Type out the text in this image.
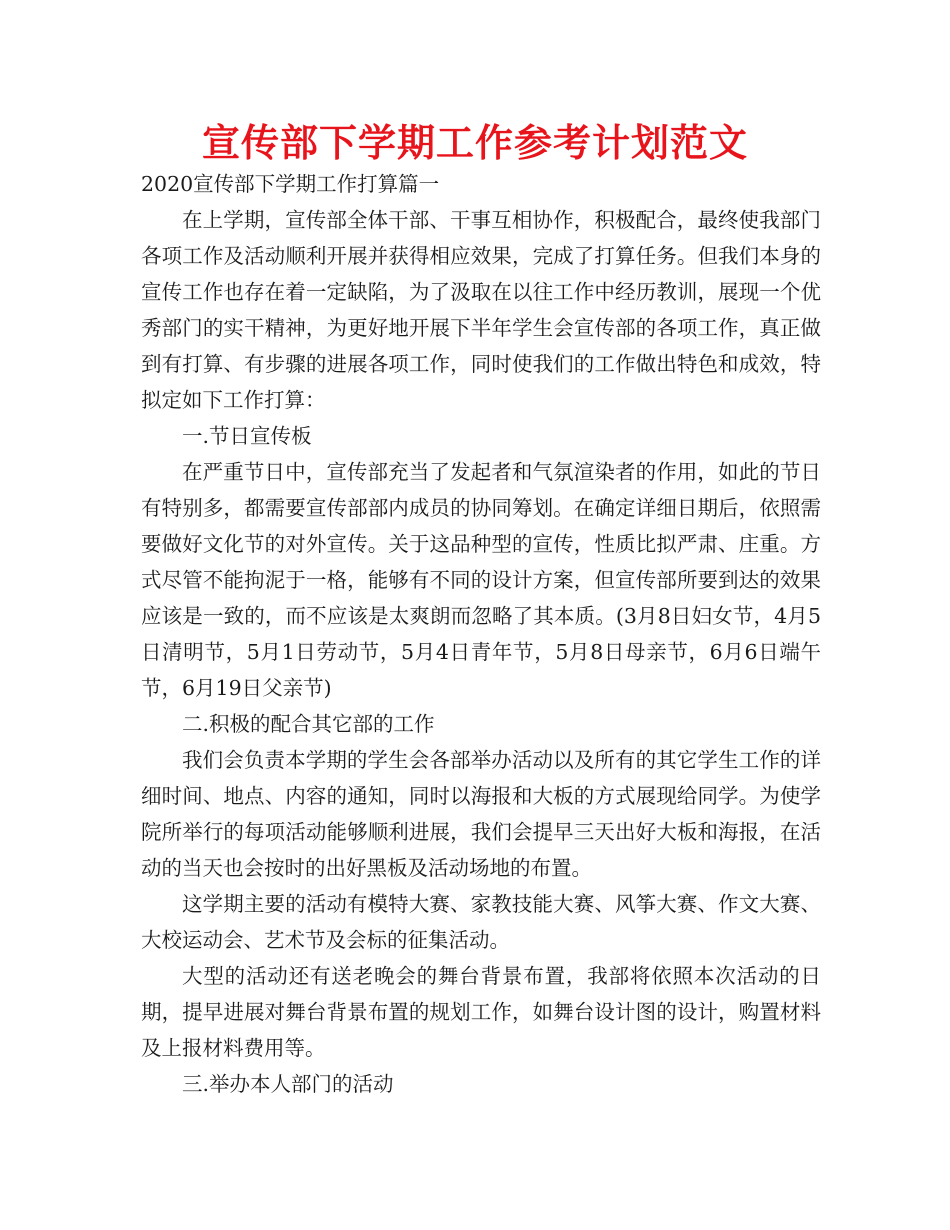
宣传部下学期工作参考计划范文

2020宣传部下学期工作打算篇一

在上学期，宣传部全体干部、干事互相协作，积极配合，最终使我部门各项工作及活动顺利开展并获得相应效果，完成了打算任务。但我们本身的宣传工作也存在着一定缺陷，为了汲取在以往工作中经历教训，展现一个优秀部门的实干精神，为更好地开展下半年学生会宣传部的各项工作，真正做到有打算、有步骤的进展各项工作，同时使我们的工作做出特色和成效，特拟定如下工作打算：

一.节日宣传板

在严重节日中，宣传部充当了发起者和气氛渲染者的作用，如此的节日有特别多，都需要宣传部部内成员的协同筹划。在确定详细日期后，依照需要做好文化节的对外宣传。关于这品种型的宣传，性质比拟严肃、庄重。方式尽管不能拘泥于一格，能够有不同的设计方案，但宣传部所要到达的效果应该是一致的，而不应该是太爽朗而忽略了其本质。(3月8日妇女节，4月5日清明节，5月1日劳动节，5月4日青年节，5月8日母亲节，6月6日端午节，6月19日父亲节)

二.积极的配合其它部的工作

我们会负责本学期的学生会各部举办活动以及所有的其它学生工作的详细时间、地点、内容的通知，同时以海报和大板的方式展现给同学。为使学院所举行的每项活动能够顺利进展，我们会提早三天出好大板和海报，在活动的当天也会按时的出好黑板及活动场地的布置。

这学期主要的活动有模特大赛、家教技能大赛、风筝大赛、作文大赛、大校运动会、艺术节及会标的征集活动。

大型的活动还有送老晚会的舞台背景布置，我部将依照本次活动的日期，提早进展对舞台背景布置的规划工作，如舞台设计图的设计，购置材料及上报材料费用等。

三.举办本人部门的活动
